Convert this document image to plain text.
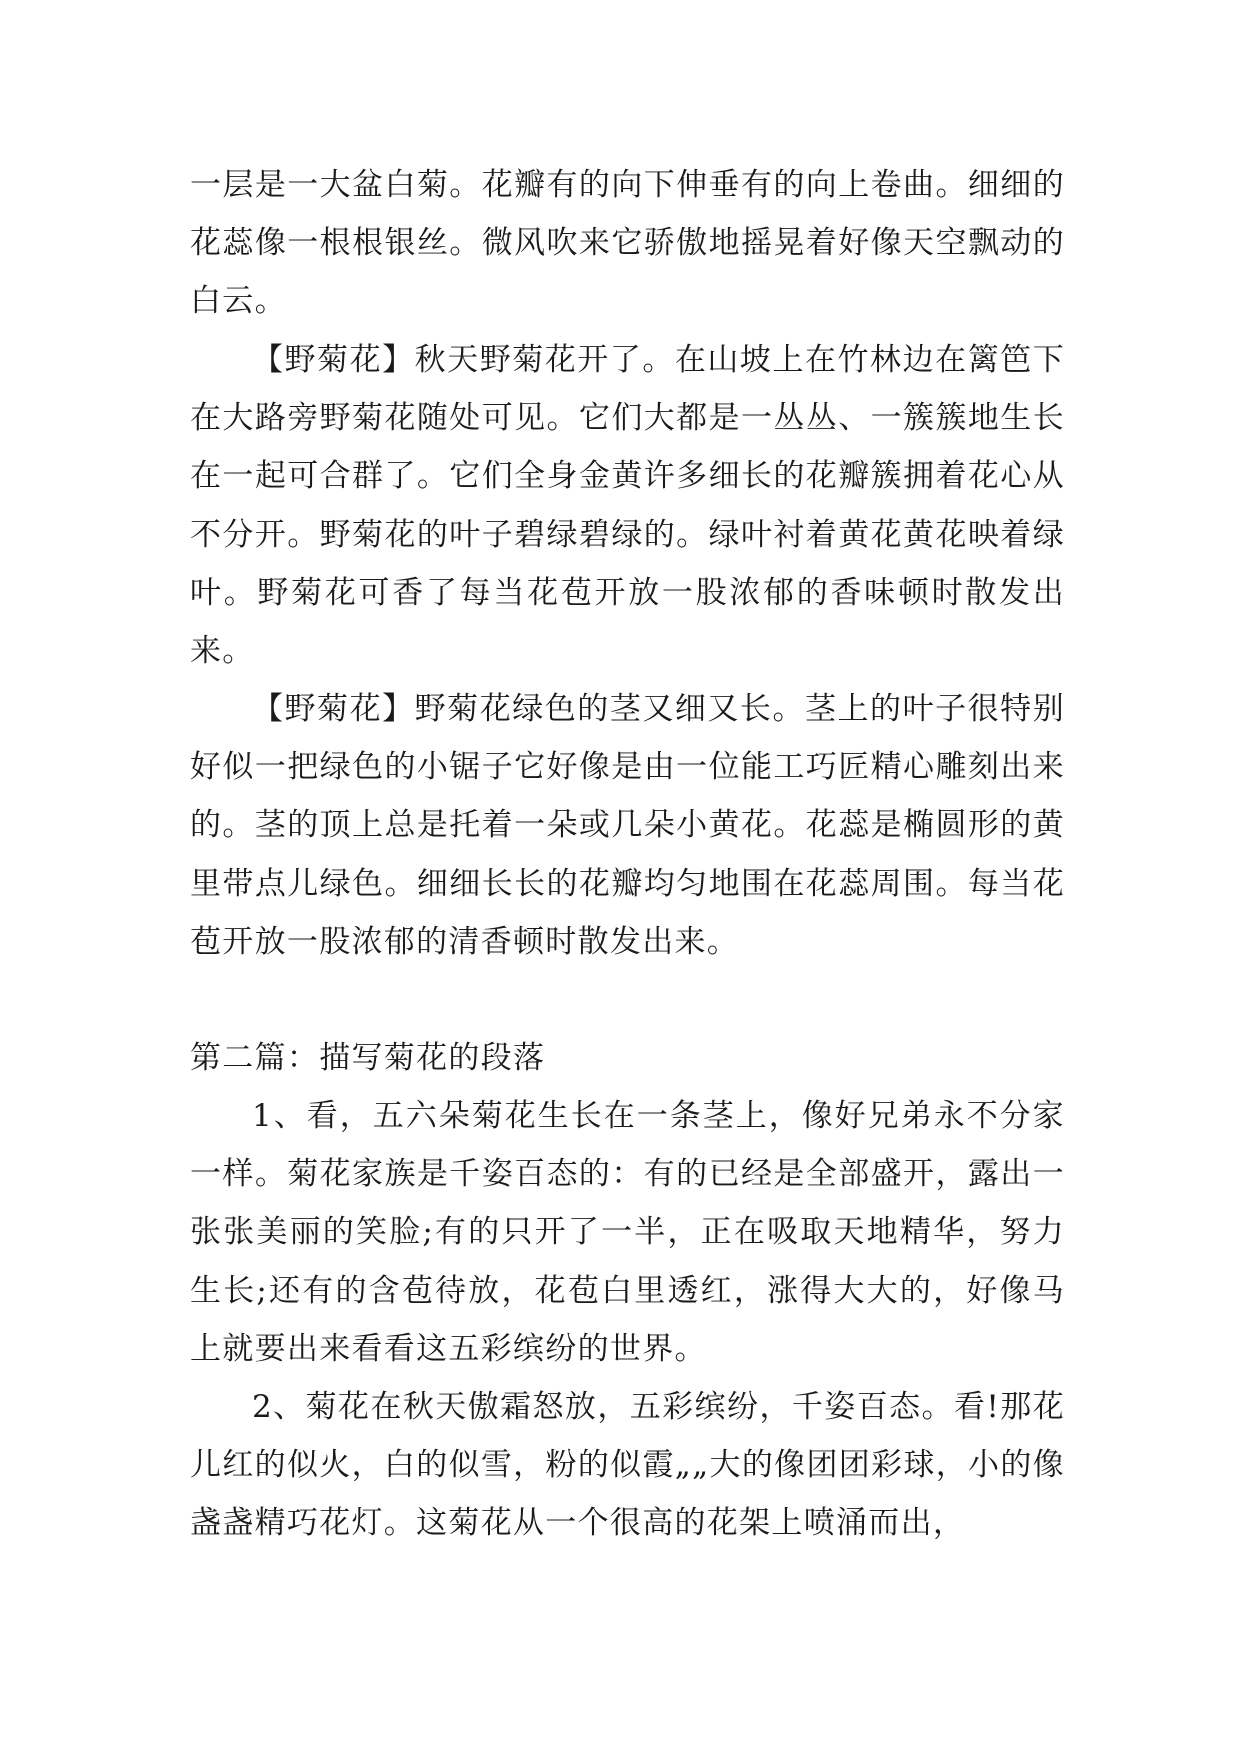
一层是一大盆白菊。花瓣有的向下伸垂有的向上卷曲。细细的花蕊像一根根银丝。微风吹来它骄傲地摇晃着好像天空飘动的白云。

【野菊花】秋天野菊花开了。在山坡上在竹林边在篱笆下在大路旁野菊花随处可见。它们大都是一丛丛、一簇簇地生长在一起可合群了。它们全身金黄许多细长的花瓣簇拥着花心从不分开。野菊花的叶子碧绿碧绿的。绿叶衬着黄花黄花映着绿叶。野菊花可香了每当花苞开放一股浓郁的香味顿时散发出来。

【野菊花】野菊花绿色的茎又细又长。茎上的叶子很特别好似一把绿色的小锯子它好像是由一位能工巧匠精心雕刻出来的。茎的顶上总是托着一朵或几朵小黄花。花蕊是椭圆形的黄里带点儿绿色。细细长长的花瓣均匀地围在花蕊周围。每当花苞开放一股浓郁的清香顿时散发出来。

第二篇：描写菊花的段落

1、看，五六朵菊花生长在一条茎上，像好兄弟永不分家一样。菊花家族是千姿百态的：有的已经是全部盛开，露出一张张美丽的笑脸;有的只开了一半，正在吸取天地精华，努力生长;还有的含苞待放，花苞白里透红，涨得大大的，好像马上就要出来看看这五彩缤纷的世界。

2、菊花在秋天傲霜怒放，五彩缤纷，千姿百态。看!那花儿红的似火，白的似雪，粉的似霞„„大的像团团彩球，小的像盏盏精巧花灯。这菊花从一个很高的花架上喷涌而出，
